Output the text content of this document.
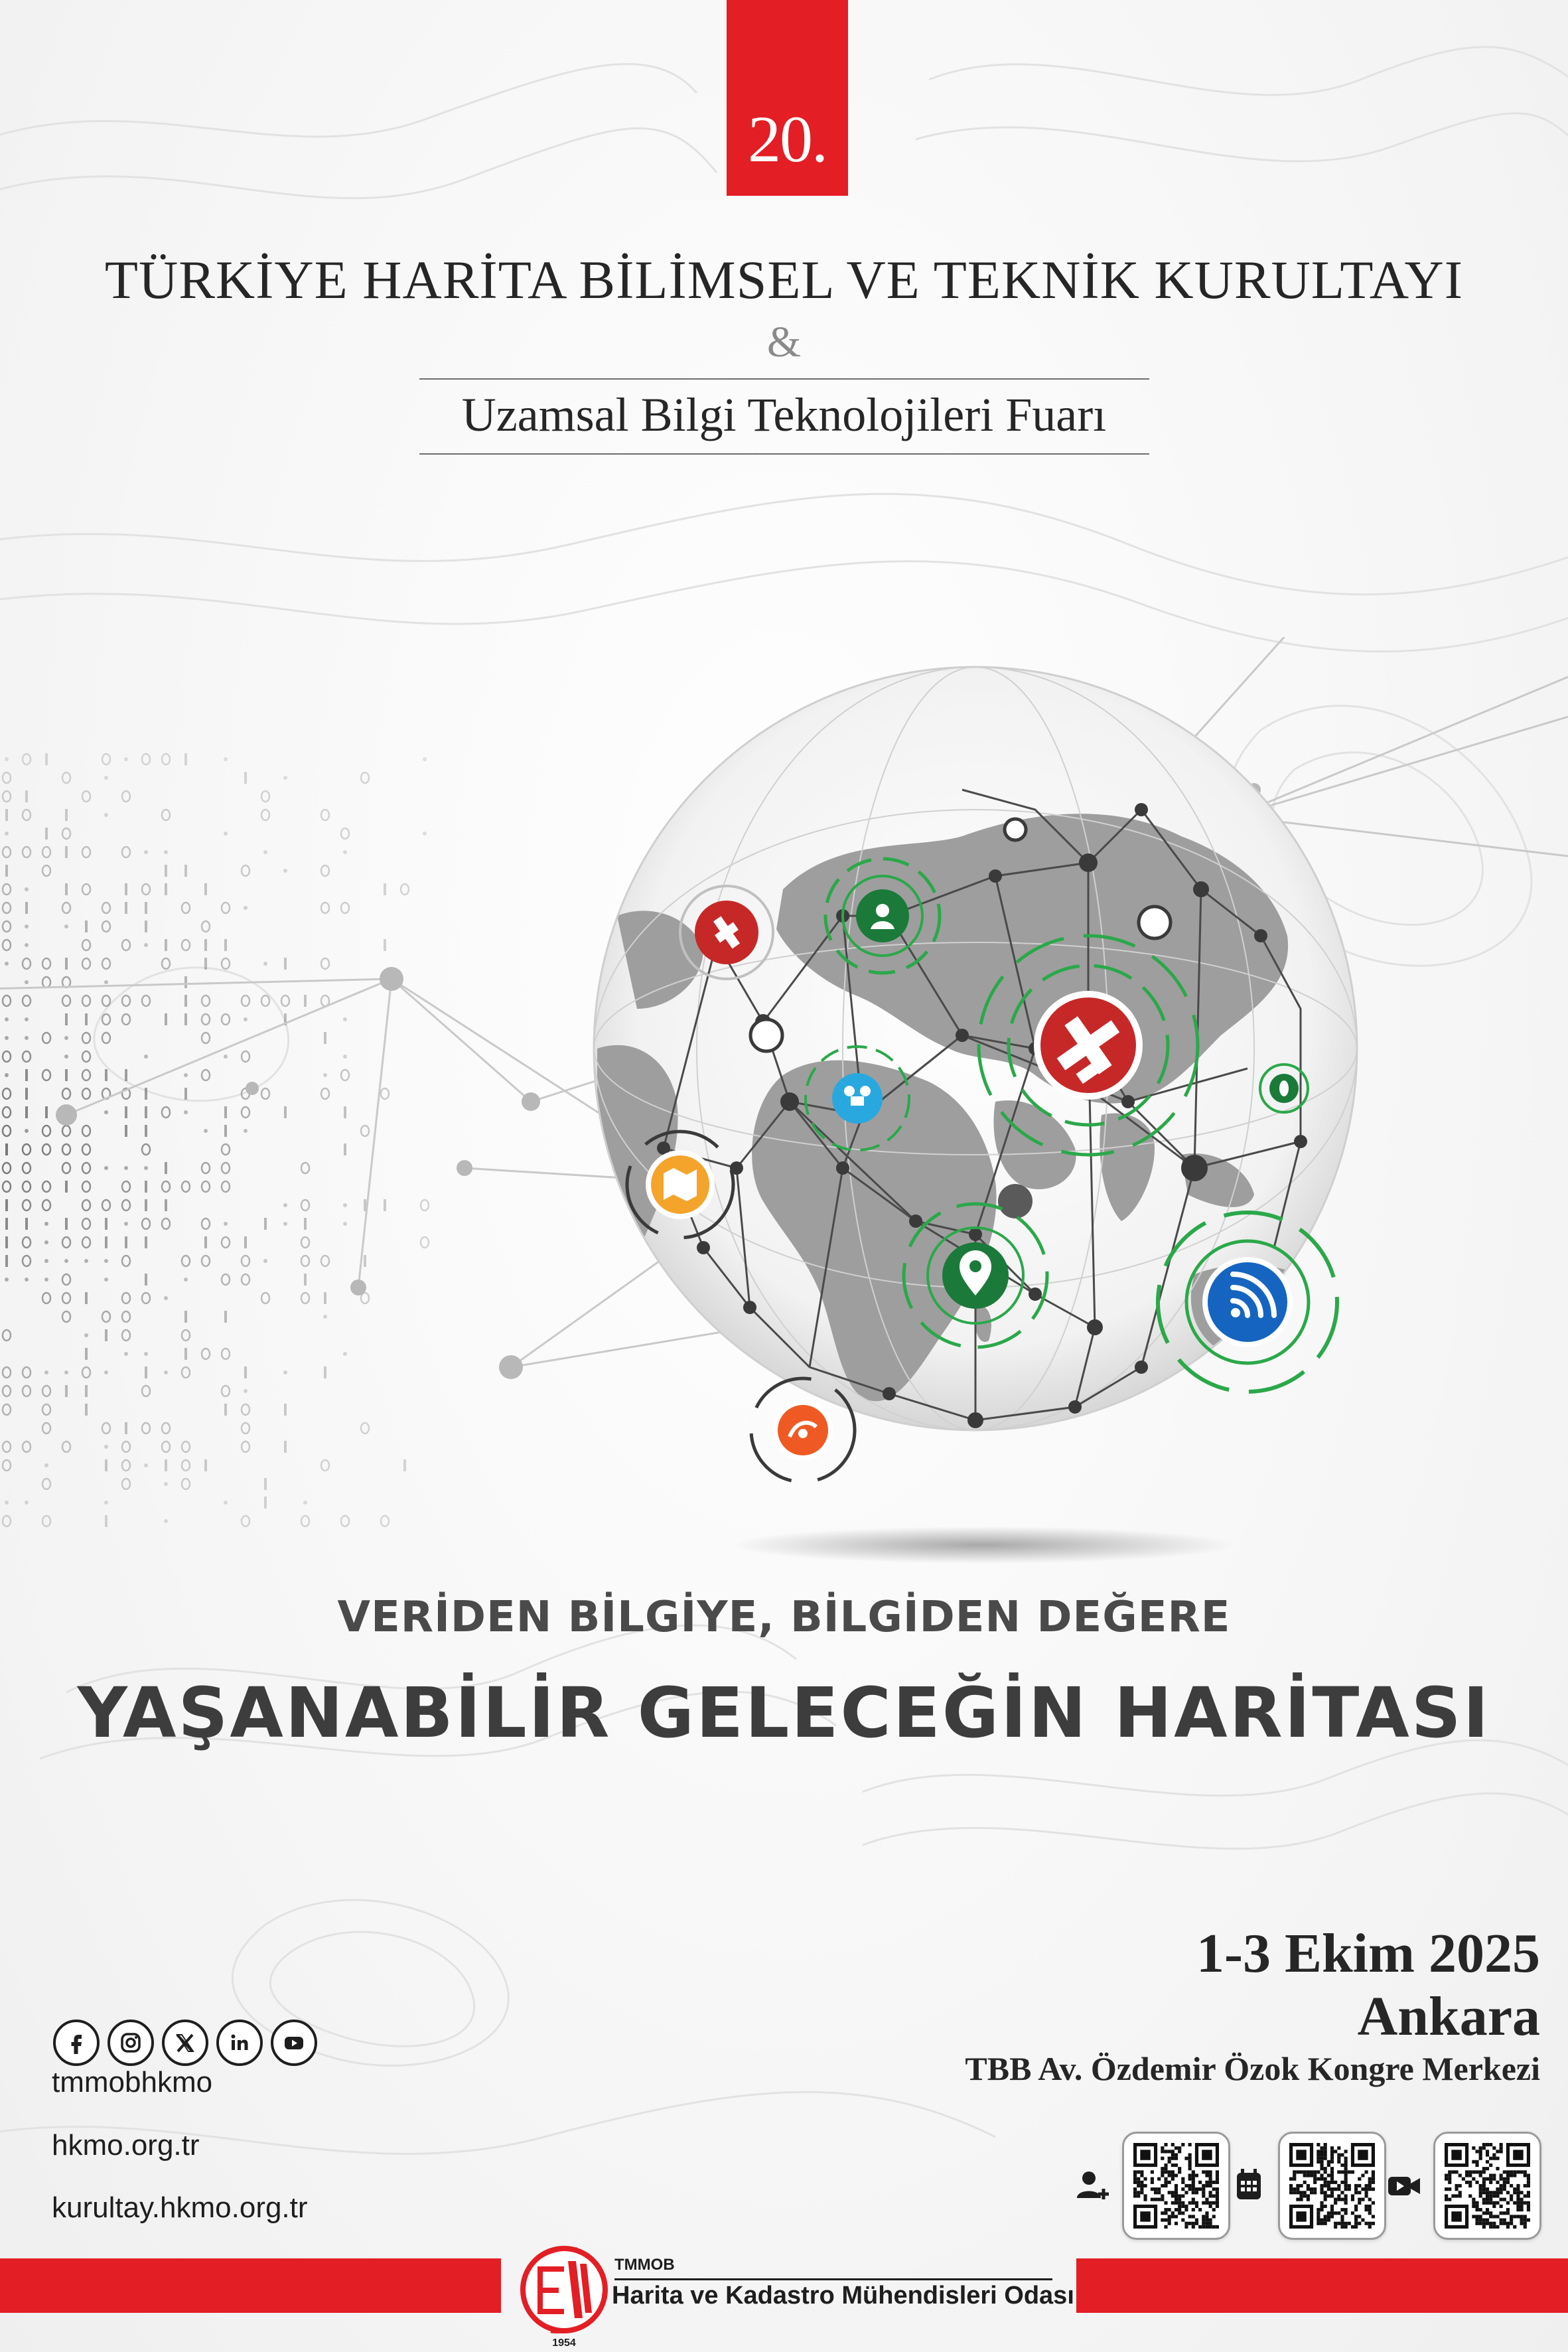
20.
TÜRKİYE HARİTA BİLİMSEL VE TEKNİK KURULTAYI
&
Uzamsal Bilgi Teknolojileri Fuarı
VERİDEN BİLGİYE, BİLGİDEN DEĞERE
YAŞANABİLİR GELECEĞİN HARİTASI
1-3 Ekim 2025
Ankara
TBB Av. Özdemir Özok Kongre Merkezi
tmmobhkmo
hkmo.org.tr
kurultay.hkmo.org.tr
1954
TMMOB
Harita ve Kadastro Mühendisleri Odası
